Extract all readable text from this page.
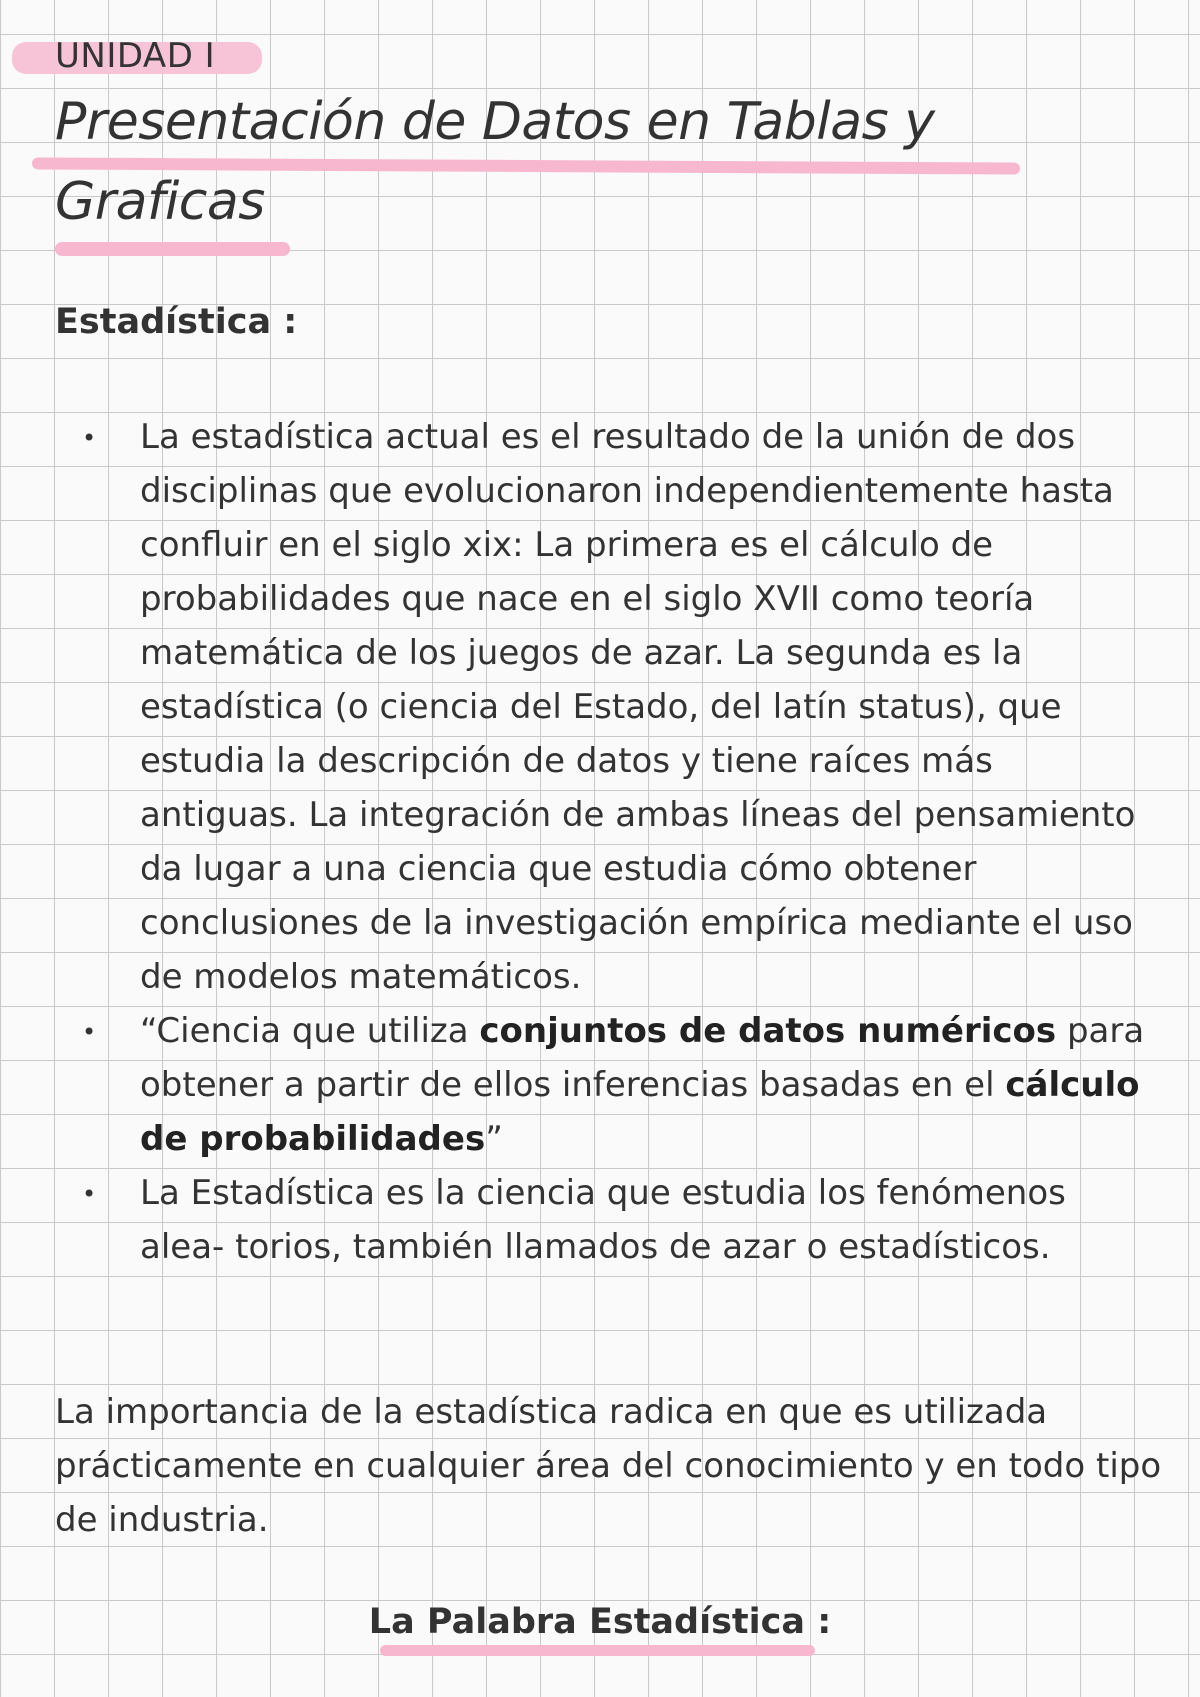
UNIDAD I
Presentación de Datos en Tablas y
Graficas
Estadística :
• La estadística actual es el resultado de la unión de dos disciplinas que evolucionaron independientemente hasta confluir en el siglo xix: La primera es el cálculo de probabilidades que nace en el siglo XVII como teoría matemática de los juegos de azar. La segunda es la estadística (o ciencia del Estado, del latín status), que estudia la descripción de datos y tiene raíces más antiguas. La integración de ambas líneas del pensamiento da lugar a una ciencia que estudia cómo obtener conclusiones de la investigación empírica mediante el uso de modelos matemáticos.
• “Ciencia que utiliza conjuntos de datos numéricos para obtener a partir de ellos inferencias basadas en el cálculo de probabilidades”
• La Estadística es la ciencia que estudia los fenómenos alea- torios, también llamados de azar o estadísticos.
La importancia de la estadística radica en que es utilizada prácticamente en cualquier área del conocimiento y en todo tipo de industria.
La Palabra Estadística :
